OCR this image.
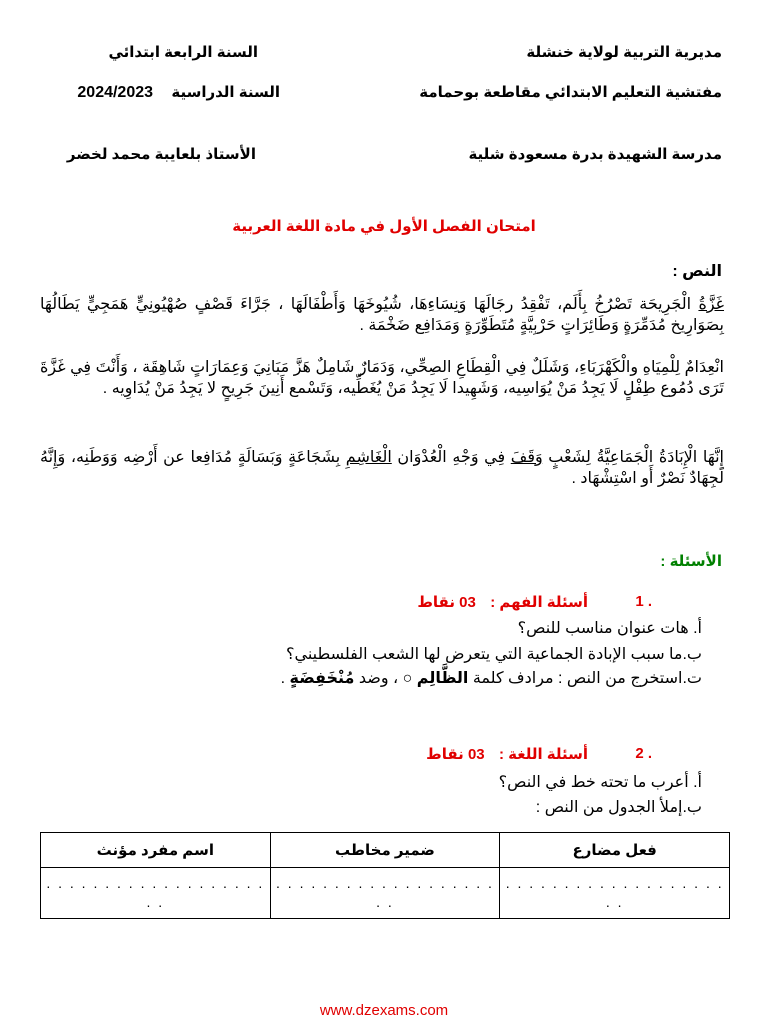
مديرية التربية لولاية خنشلة
مفتشية التعليم الابتدائي مقاطعة بوحمامة
مدرسة الشهيدة بدرة مسعودة شلية
السنة الرابعة ابتدائي
السنة الدراسية  2024/2023
الأستاذ بلعايبة محمد لخضر
امتحان الفصل الأول في مادة اللغة العربية
النص :
غَزَّةُ الْجَرِيحَة تَصْرُخُ بِأَلَم، تَفْقِدُ رجَالَهَا وَنِسَاءِهَا، شُيُوخَهَا وَأَطْفَالَهَا ، جَرَّاءَ قَصْفٍ صُهْيُونِيٍّ هَمَجِيٍّ يَطَالُهَا بِصَوَارِيخ مُدَمِّرَةٍ وَطَائِرَاتٍ حَرْبِيَّةٍ مُتَطَوِّرَةٍ وَمَدَافِع ضَخْمَة .
انْعِدَامٌ لِلْمِيَاهِ والْكَهْرَبَاءِ، وَشَلَلٌ فِي الْقِطَاعِ الصِحِّي، وَدَمَارٌ شَامِلٌ هَزَّ مَبَانِيَ وَعِمَارَاتٍ شَاهِقَة ، وَأَنْتَ فِي غَزَّةَ تَرَى دُمُوع طِفْلٍ لَا يَجِدُ مَنْ يُوَاسِيه، وَشَهِيدا لَا يَجِدُ مَنْ يُغَطِّيه، وَتَسْمع أَنِينَ جَرِيحٍ لا يَجِدُ مَنْ يُدَاوِيه .
إِنَّهَا الْإِبَادَةُ الْجَمَاعِيَّةُ لِشَعْبٍ وَقَفَ فِي وَجْهِ الْعُدْوَان الْغَاشِمِ بِشَجَاعَةٍ وَبَسَالَةٍ مُدَافِعا عن أَرْضِه وَوَطَنِه، وَإِنَّهُ لَجِهَادٌ نَصْرٌ أَو اسْتِشْهَاد .
الأسئلة :
1 .
أسئلة الفهم :  03 نقاط
أ. هات عنوان مناسب للنص؟
ب.ما سبب الإبادة الجماعية التي يتعرض لها الشعب الفلسطيني؟
ت.استخرج من النص : مرادف كلمة الظَّالِم ○ ، وضد مُنْخَفِضَةٍ .
2 .
أسئلة اللغة :  03 نقاط
أ. أعرب ما تحته خط في النص؟
ب.إملأ الجدول من النص :
فعل مضارع	ضمير مخاطب	اسم مفرد مؤنث
. . . . . . . . . . . . . . . . . . . . .	. . . . . . . . . . . . . . . . . . . . .	. . . . . . . . . . . . . . . . . . . . .
www.dzexams.com
